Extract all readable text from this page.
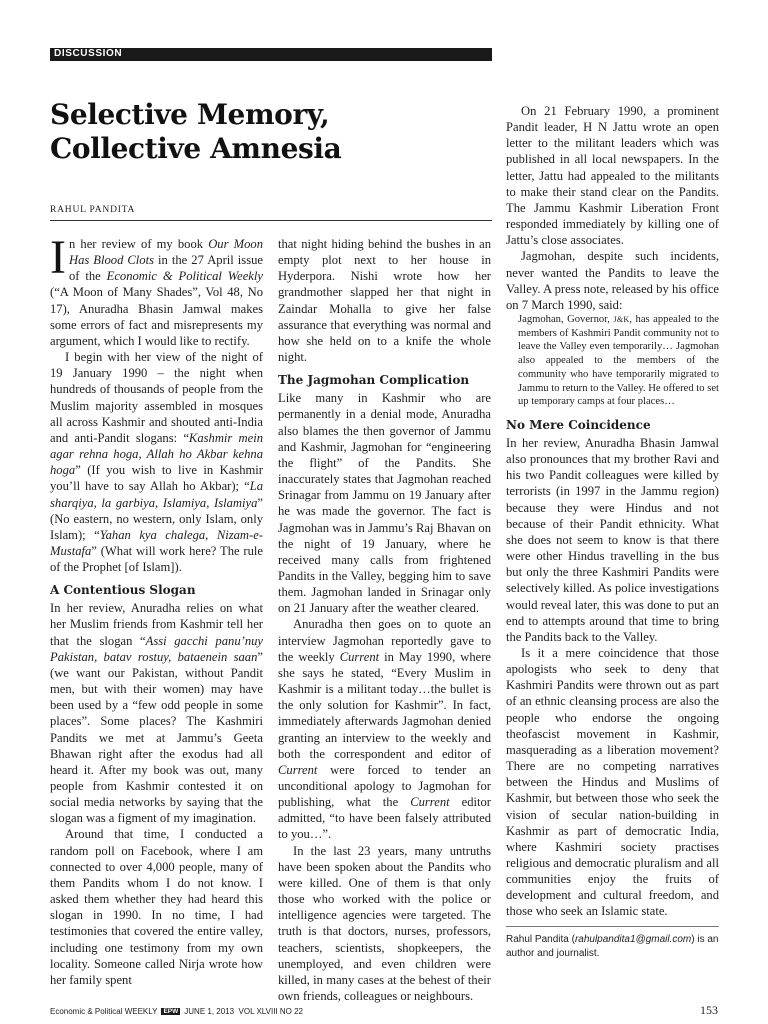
DISCUSSION
Selective Memory,
Collective Amnesia
RAHUL PANDITA

In her review of my book Our Moon Has Blood Clots in the 27 April issue of the Economic & Political Weekly (“A Moon of Many Shades”, Vol 48, No 17), Anuradha Bhasin Jamwal makes some errors of fact and misrepresents my argument, which I would like to rectify.

I begin with her view of the night of 19 January 1990 – the night when hundreds of thousands of people from the Muslim majority assembled in mosques all across Kashmir and shouted anti-India and anti-Pandit slogans: “Kashmir mein agar rehna hoga, Allah ho Akbar kehna hoga” (If you wish to live in Kashmir you’ll have to say Allah ho Akbar); “La sharqiya, la garbiya, Islamiya, Islamiya” (No eastern, no western, only Islam, only Islam); “Yahan kya chalega, Nizam-e-Mustafa” (What will work here? The rule of the Prophet [of Islam]).

A Contentious Slogan

In her review, Anuradha relies on what her Muslim friends from Kashmir tell her that the slogan “Assi gacchi panu’nuy Pakistan, batav rostuy, bataenein saan” (we want our Pakistan, without Pandit men, but with their women) may have been used by a “few odd people in some places”. Some places? The Kashmiri Pandits we met at Jammu’s Geeta Bhawan right after the exodus had all heard it. After my book was out, many people from Kashmir contested it on social media networks by saying that the slogan was a figment of my imagination.

Around that time, I conducted a random poll on Facebook, where I am connected to over 4,000 people, many of them Pandits whom I do not know. I asked them whether they had heard this slogan in 1990. In no time, I had testimonies that covered the entire valley, including one testimony from my own locality. Someone called Nirja wrote how her family spent

that night hiding behind the bushes in an empty plot next to her house in Hyderpora. Nishi wrote how her grandmother slapped her that night in Zaindar Mohalla to give her false assurance that everything was normal and how she held on to a knife the whole night.

The Jagmohan Complication

Like many in Kashmir who are permanently in a denial mode, Anuradha also blames the then governor of Jammu and Kashmir, Jagmohan for “engineering the flight” of the Pandits. She inaccurately states that Jagmohan reached Srinagar from Jammu on 19 January after he was made the governor. The fact is Jagmohan was in Jammu’s Raj Bhavan on the night of 19 January, where he received many calls from frightened Pandits in the Valley, begging him to save them. Jagmohan landed in Srinagar only on 21 January after the weather cleared.

Anuradha then goes on to quote an interview Jagmohan reportedly gave to the weekly Current in May 1990, where she says he stated, “Every Muslim in Kashmir is a militant today…the bullet is the only solution for Kashmir”. In fact, immediately afterwards Jagmohan denied granting an interview to the weekly and both the correspondent and editor of Current were forced to tender an unconditional apology to Jagmohan for publishing, what the Current editor admitted, “to have been falsely attributed to you…”.

In the last 23 years, many untruths have been spoken about the Pandits who were killed. One of them is that only those who worked with the police or intelligence agencies were targeted. The truth is that doctors, nurses, professors, teachers, scientists, shopkeepers, the unemployed, and even children were killed, in many cases at the behest of their own friends, colleagues or neighbours.

On 21 February 1990, a prominent Pandit leader, H N Jattu wrote an open letter to the militant leaders which was published in all local newspapers. In the letter, Jattu had appealed to the militants to make their stand clear on the Pandits. The Jammu Kashmir Liberation Front responded immediately by killing one of Jattu’s close associates.

Jagmohan, despite such incidents, never wanted the Pandits to leave the Valley. A press note, released by his office on 7 March 1990, said:

Jagmohan, Governor, J&K, has appealed to the members of Kashmiri Pandit community not to leave the Valley even temporarily… Jagmohan also appealed to the members of the community who have temporarily migrated to Jammu to return to the Valley. He offered to set up temporary camps at four places…

No Mere Coincidence

In her review, Anuradha Bhasin Jamwal also pronounces that my brother Ravi and his two Pandit colleagues were killed by terrorists (in 1997 in the Jammu region) because they were Hindus and not because of their Pandit ethnicity. What she does not seem to know is that there were other Hindus travelling in the bus but only the three Kashmiri Pandits were selectively killed. As police investigations would reveal later, this was done to put an end to attempts around that time to bring the Pandits back to the Valley.

Is it a mere coincidence that those apologists who seek to deny that Kashmiri Pandits were thrown out as part of an ethnic cleansing process are also the people who endorse the ongoing theofascist movement in Kashmir, masquerading as a liberation movement? There are no competing narratives between the Hindus and Muslims of Kashmir, but between those who seek the vision of secular nation-building in Kashmir as part of democratic India, where Kashmiri society practises religious and democratic pluralism and all communities enjoy the fruits of development and cultural freedom, and those who seek an Islamic state.

Rahul Pandita (rahulpandita1@gmail.com) is an author and journalist.

Economic & Political WEEKLY EPW JUNE 1, 2013 VOL XLVIII NO 22	153
